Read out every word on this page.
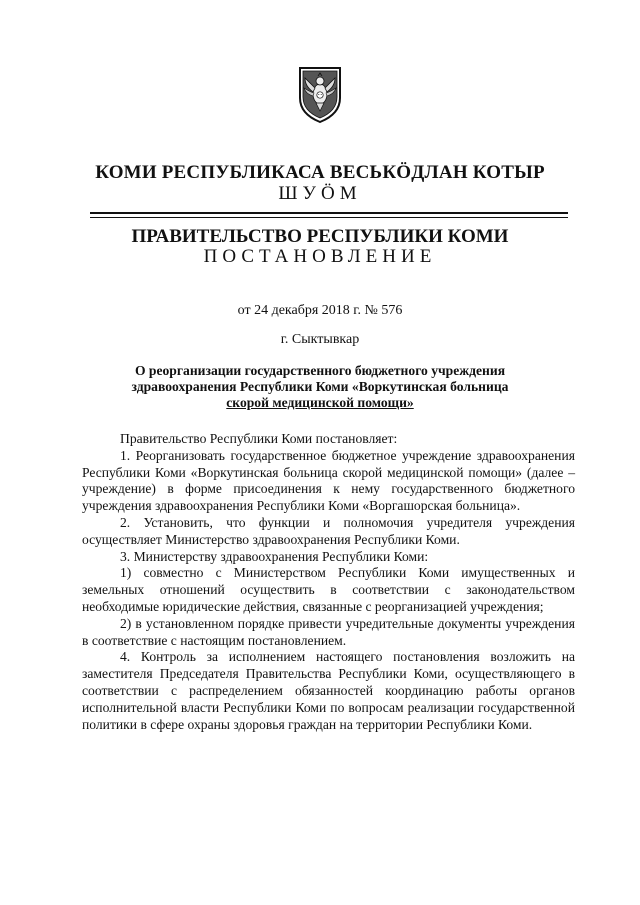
КОМИ РЕСПУБЛИКАСА ВЕСЬКӦДЛАН КОТЫР
ШУӦМ
ПРАВИТЕЛЬСТВО РЕСПУБЛИКИ КОМИ
ПОСТАНОВЛЕНИЕ
от 24 декабря 2018 г. № 576
г. Сыктывкар
О реорганизации государственного бюджетного учреждения
здравоохранения Республики Коми «Воркутинская больница
скорой медицинской помощи»

Правительство Республики Коми постановляет:

1. Реорганизовать государственное бюджетное учреждение здравоохранения Республики Коми «Воркутинская больница скорой медицинской помощи» (далее – учреждение) в форме присоединения к нему государственного бюджетного учреждения здравоохранения Республики Коми «Воргашорская больница».

2. Установить, что функции и полномочия учредителя учреждения осуществляет Министерство здравоохранения Республики Коми.

3. Министерству здравоохранения Республики Коми:

1) совместно с Министерством Республики Коми имущественных и земельных отношений осуществить в соответствии с законодательством необходимые юридические действия, связанные с реорганизацией учреждения;

2) в установленном порядке привести учредительные документы учреждения в соответствие с настоящим постановлением.

4. Контроль за исполнением настоящего постановления возложить на заместителя Председателя Правительства Республики Коми, осуществляющего в соответствии с распределением обязанностей координацию работы органов исполнительной власти Республики Коми по вопросам реализации государственной политики в сфере охраны здоровья граждан на территории Республики Коми.
